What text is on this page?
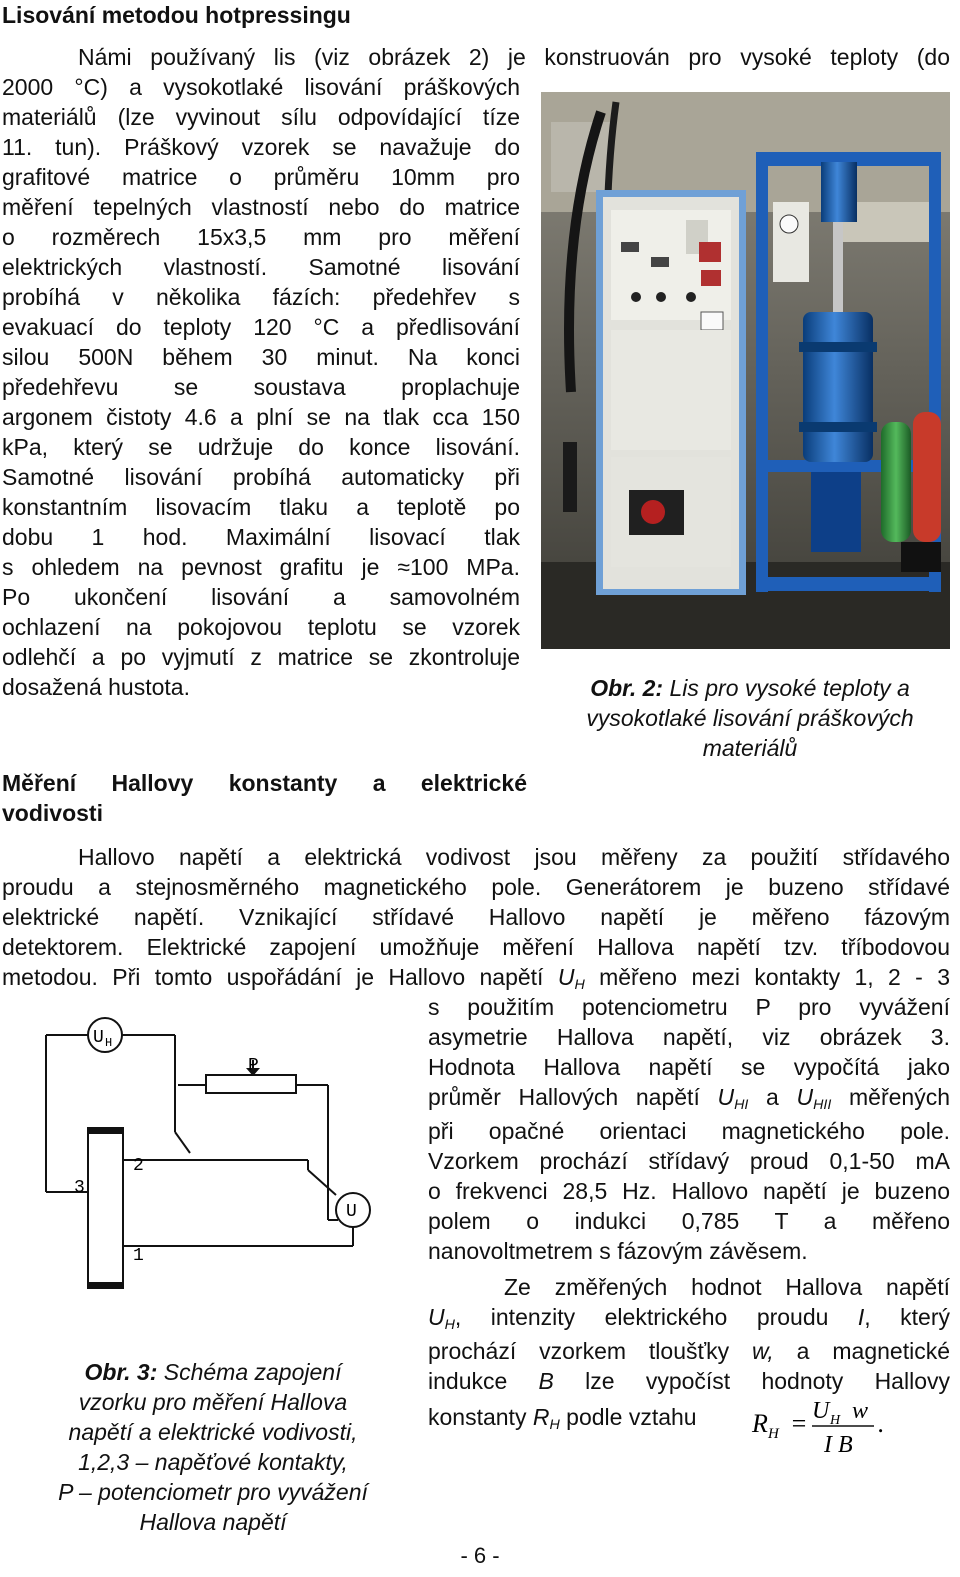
Lisování metodou hotpressingu
Námi používaný lis (viz obrázek 2) je konstruován pro vysoké teploty (do
2000 °C) a vysokotlaké lisování práškových
materiálů (lze vyvinout sílu odpovídající tíze
11. tun). Práškový vzorek se navažuje do
grafitové matrice o průměru 10mm pro
měření tepelných vlastností nebo do matrice
o rozměrech 15x3,5 mm pro měření
elektrických vlastností. Samotné lisování
probíhá v několika fázích: předehřev s
evakuací do teploty 120 °C a předlisování
silou 500N během 30 minut. Na konci
předehřevu se soustava proplachuje
argonem čistoty 4.6 a plní se na tlak cca 150
kPa, který se udržuje do konce lisování.
Samotné lisování probíhá automaticky při
konstantním lisovacím tlaku a teplotě po
dobu 1 hod. Maximální lisovací tlak
s ohledem na pevnost grafitu je ≈100 MPa.
Po ukončení lisování a samovolném
ochlazení na pokojovou teplotu se vzorek
odlehčí a po vyjmutí z matrice se zkontroluje
dosažená hustota.	Obr. 2: Lis pro vysoké teploty a
vysokotlaké lisování práškových
materiálů

Měření Hallovy konstanty a elektrické
vodivosti
Hallovo napětí a elektrická vodivost jsou měřeny za použití střídavého
proudu a stejnosměrného magnetického pole. Generátorem je buzeno střídavé
elektrické napětí. Vznikající střídavé Hallovo napětí je měřeno fázovým
detektorem. Elektrické zapojení umožňuje měření Hallova napětí tzv. tříbodovou
metodou. Při tomto uspořádání je Hallovo napětí UH měřeno mezi kontakty 1, 2 - 3
s použitím potenciometru P pro vyvážení
asymetrie Hallova napětí, viz obrázek 3.
Hodnota Hallova napětí se vypočítá jako
průměr Hallových napětí UHI a UHII měřených
při opačné orientaci magnetického pole.
Vzorkem prochází střídavý proud 0,1-50 mA
o frekvenci 28,5 Hz. Hallovo napětí je buzeno
polem o indukci 0,785 T a měřeno
nanovoltmetrem s fázovým závěsem.
Ze změřených hodnot Hallova napětí
UH, intenzity elektrického proudu I, který
prochází vzorkem tloušťky w, a magnetické
indukce B lze vypočíst hodnoty Hallovy
konstanty RH podle vztahu	R H = U H w
I B
.
U H
U
P
2
3
1

Obr. 3: Schéma zapojení
vzorku pro měření Hallova
napětí a elektrické vodivosti,
1,2,3 – napěťové kontakty,
P – potenciometr pro vyvážení
Hallova napětí

- 6 -
